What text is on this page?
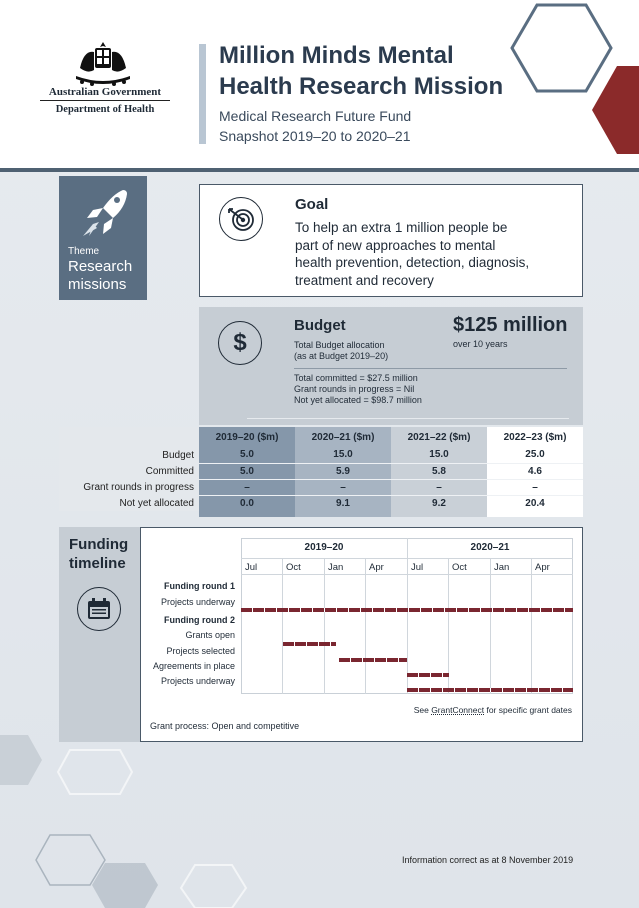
Australian Government
Department of Health
Million Minds Mental
Health Research Mission
Medical Research Future Fund
Snapshot 2019–20 to 2020–21
Theme
Research
missions
Goal
To help an extra 1 million people be
part of new approaches to mental
health prevention, detection, diagnosis,
treatment and recovery
$
Budget
Total Budget allocation
(as at Budget 2019–20)
$125 million
over 10 years
Total committed = $27.5 million
Grant rounds in progress = Nil
Not yet allocated = $98.7 million
	2019–20 ($m)	2020–21 ($m)	2021–22 ($m)	2022–23 ($m)
Budget	5.0	15.0	15.0	25.0
Committed	5.0	5.9	5.8	4.6
Grant rounds in progress	–	–	–	–
Not yet allocated	0.0	9.1	9.2	20.4
Funding
timeline
2019–20	2020–21
Jul	Oct	Jan	Apr	Jul	Oct	Jan	Apr
Funding round 1
Projects underway
Funding round 2
Grants open
Projects selected
Agreements in place
Projects underway
See GrantConnect for specific grant dates
Grant process: Open and competitive
Information correct as at 8 November 2019
